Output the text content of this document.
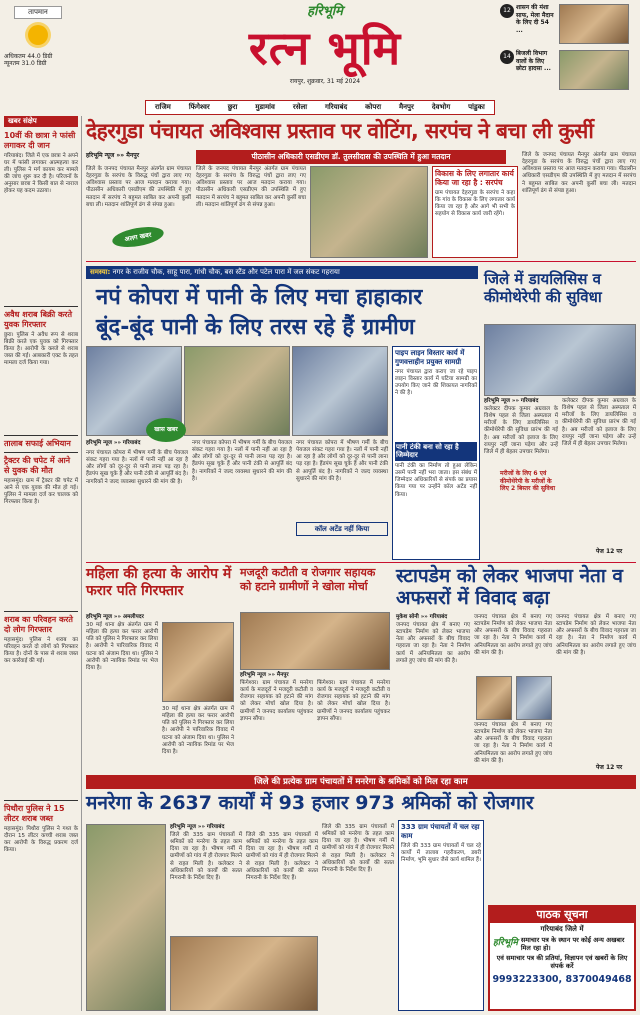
तापमान
अधिकतम 44.0 डिग्री
न्यूनतम 31.0 डिग्री
हरिभूमि
रत्न भूमि
रायपुर, शुक्रवार, 31 मई 2024
12 शासन की मंशा साफ, मेला मैदान के लिए दी 54 ...
14 बिजली विभाग वालों के लिए छोटा हादसा ...
राजिम	फिंगेश्वर	छुरा	मुडामांव	रसेला	गरियाबंद	कोपरा	मैनपुर	देवभोग	पांडुका
खबर संक्षेप
10वीं की छात्रा ने फांसी लगाकर दी जान
गरियाबंद। जिले में एक छात्रा ने अपने घर में फांसी लगाकर आत्महत्या कर ली। पुलिस ने मर्ग कायम कर मामले की जांच शुरू कर दी है। परिजनों के अनुसार छात्रा ने किसी बात से नाराज होकर यह कदम उठाया।
अवैध शराब बिक्री करते युवक गिरफ्तार
छुरा। पुलिस ने अवैध रूप से शराब बिक्री करते एक युवक को गिरफ्तार किया है। आरोपी के कब्जे से शराब जब्त की गई। आबकारी एक्ट के तहत मामला दर्ज किया गया।
तालाब सफाई अभियान
ट्रैक्टर की चपेट में आने से युवक की मौत
महासमुंद। ग्राम में ट्रैक्टर की चपेट में आने से एक युवक की मौत हो गई। पुलिस ने मामला दर्ज कर चालक को गिरफ्तार किया है।
शराब का परिवहन करते दो लोग गिरफ्तार
महासमुंद। पुलिस ने शराब का परिवहन करते दो लोगों को गिरफ्तार किया है। दोनों के पास से शराब जब्त कर कार्रवाई की गई।
पिथौरा पुलिस ने 15 लीटर शराब जब्त
महासमुंद। पिथौरा पुलिस ने गश्त के दौरान 15 लीटर कच्ची शराब जब्त कर आरोपी के विरुद्ध प्रकरण दर्ज किया।
देहरगुडा पंचायत अविश्वास प्रस्ताव पर वोटिंग, सरपंच ने बचा ली कुर्सी
पीठासीन अधिकारी एसडीएम डॉ. तुलसीदास की उपस्थिति में हुआ मतदान
हरिभूमि न्यूज »» मैनपुर
जिले के जनपद पंचायत मैनपुर अंतर्गत ग्राम पंचायत देहरगुडा के सरपंच के विरुद्ध पंचों द्वारा लाए गए अविश्वास प्रस्ताव पर आज मतदान कराया गया। पीठासीन अधिकारी एसडीएम की उपस्थिति में हुए मतदान में सरपंच ने बहुमत साबित कर अपनी कुर्सी बचा ली। मतदान शांतिपूर्ण ढंग से संपन्न हुआ।
अलग खबर
जिले के जनपद पंचायत मैनपुर अंतर्गत ग्राम पंचायत देहरगुडा के सरपंच के विरुद्ध पंचों द्वारा लाए गए अविश्वास प्रस्ताव पर आज मतदान कराया गया। पीठासीन अधिकारी एसडीएम की उपस्थिति में हुए मतदान में सरपंच ने बहुमत साबित कर अपनी कुर्सी बचा ली। मतदान शांतिपूर्ण ढंग से संपन्न हुआ।
विकास के लिए लगातार कार्य किया जा रहा है : सरपंच
ग्राम पंचायत देहरगुडा के सरपंच ने कहा कि गांव के विकास के लिए लगातार कार्य किया जा रहा है और आगे भी सभी के सहयोग से विकास कार्य जारी रहेंगे।
जिले के जनपद पंचायत मैनपुर अंतर्गत ग्राम पंचायत देहरगुडा के सरपंच के विरुद्ध पंचों द्वारा लाए गए अविश्वास प्रस्ताव पर आज मतदान कराया गया। पीठासीन अधिकारी एसडीएम की उपस्थिति में हुए मतदान में सरपंच ने बहुमत साबित कर अपनी कुर्सी बचा ली। मतदान शांतिपूर्ण ढंग से संपन्न हुआ।
समस्या: नगर के राजीव चौक, साहू पारा, गांधी चौक, बस स्टैंड और पटेल पारा में जल संकट गहराया
नपं कोपरा में पानी के लिए मचा हाहाकार
बूंद-बूंद पानी के लिए तरस रहे हैं ग्रामीण
खास खबर
हरिभूमि न्यूज »» गरियाबंद
नगर पंचायत कोपरा में भीषण गर्मी के बीच पेयजल संकट गहरा गया है। नलों में पानी नहीं आ रहा है और लोगों को दूर-दूर से पानी लाना पड़ रहा है। हैंडपंप सूख चुके हैं और पानी टंकी से आपूर्ति बंद है। नागरिकों ने जल्द व्यवस्था सुधारने की मांग की है।
नगर पंचायत कोपरा में भीषण गर्मी के बीच पेयजल संकट गहरा गया है। नलों में पानी नहीं आ रहा है और लोगों को दूर-दूर से पानी लाना पड़ रहा है। हैंडपंप सूख चुके हैं और पानी टंकी से आपूर्ति बंद है। नागरिकों ने जल्द व्यवस्था सुधारने की मांग की है।
नगर पंचायत कोपरा में भीषण गर्मी के बीच पेयजल संकट गहरा गया है। नलों में पानी नहीं आ रहा है और लोगों को दूर-दूर से पानी लाना पड़ रहा है। हैंडपंप सूख चुके हैं और पानी टंकी से आपूर्ति बंद है। नागरिकों ने जल्द व्यवस्था सुधारने की मांग की है।
कॉल अटेंड नहीं किया
पाइप लाइन विस्तार कार्य में गुणवत्ताहीन प्रयुक्त सामग्री
नगर पंचायत द्वारा कराए जा रहे पाइप लाइन विस्तार कार्य में घटिया सामग्री का उपयोग किए जाने की शिकायत नागरिकों ने की है।
पानी टंकी बना सो रहा है जिम्मेदार
पानी टंकी का निर्माण तो हुआ लेकिन उसमें पानी नहीं भरा जाता। इस संबंध में जिम्मेदार अधिकारियों से संपर्क का प्रयास किया गया पर उन्होंने कॉल अटेंड नहीं किया।
जिले में डायलिसिस व कीमोथेरेपी की सुविधा
हरिभूमि न्यूज »» गरियाबंद
कलेक्टर दीपक कुमार अग्रवाल के विशेष पहल से जिला अस्पताल में मरीजों के लिए डायलिसिस व कीमोथेरेपी की सुविधा प्रारंभ की गई है। अब मरीजों को इलाज के लिए रायपुर नहीं जाना पड़ेगा और उन्हें जिले में ही बेहतर उपचार मिलेगा।
मरीजों के लिए 6 एवं कीमोथेरेपी के मरीजों के लिए 2 बिस्तर की सुविधा
कलेक्टर दीपक कुमार अग्रवाल के विशेष पहल से जिला अस्पताल में मरीजों के लिए डायलिसिस व कीमोथेरेपी की सुविधा प्रारंभ की गई है। अब मरीजों को इलाज के लिए रायपुर नहीं जाना पड़ेगा और उन्हें जिले में ही बेहतर उपचार मिलेगा।
पेज 12 पर
महिला की हत्या के आरोप में फरार पति गिरफ्तार
हरिभूमि न्यूज »» अमलीपदर
30 मई थाना क्षेत्र अंतर्गत ग्राम में महिला की हत्या कर फरार आरोपी पति को पुलिस ने गिरफ्तार कर लिया है। आरोपी ने पारिवारिक विवाद में घटना को अंजाम दिया था। पुलिस ने आरोपी को न्यायिक रिमांड पर भेज दिया है।
30 मई थाना क्षेत्र अंतर्गत ग्राम में महिला की हत्या कर फरार आरोपी पति को पुलिस ने गिरफ्तार कर लिया है। आरोपी ने पारिवारिक विवाद में घटना को अंजाम दिया था। पुलिस ने आरोपी को न्यायिक रिमांड पर भेज दिया है।
मजदूरी कटौती व रोजगार सहायक को हटाने ग्रामीणों ने खोला मोर्चा
हरिभूमि न्यूज »» मैनपुर
फिंगेश्वर। ग्राम पंचायत में मनरेगा कार्य के मजदूरों ने मजदूरी कटौती व रोजगार सहायक को हटाने की मांग को लेकर मोर्चा खोल दिया है। ग्रामीणों ने जनपद कार्यालय पहुंचकर ज्ञापन सौंपा।
फिंगेश्वर। ग्राम पंचायत में मनरेगा कार्य के मजदूरों ने मजदूरी कटौती व रोजगार सहायक को हटाने की मांग को लेकर मोर्चा खोल दिया है। ग्रामीणों ने जनपद कार्यालय पहुंचकर ज्ञापन सौंपा।
स्टापडेम को लेकर भाजपा नेता व अफसरों में विवाद बढ़ा
मुकेश सोनी »» गरियाबंद
जनपद पंचायत क्षेत्र में बनाए गए स्टापडेम निर्माण को लेकर भाजपा नेता और अफसरों के बीच विवाद गहराता जा रहा है। नेता ने निर्माण कार्य में अनियमितता का आरोप लगाते हुए जांच की मांग की है।
जनपद पंचायत क्षेत्र में बनाए गए स्टापडेम निर्माण को लेकर भाजपा नेता और अफसरों के बीच विवाद गहराता जा रहा है। नेता ने निर्माण कार्य में अनियमितता का आरोप लगाते हुए जांच की मांग की है।
जनपद पंचायत क्षेत्र में बनाए गए स्टापडेम निर्माण को लेकर भाजपा नेता और अफसरों के बीच विवाद गहराता जा रहा है। नेता ने निर्माण कार्य में अनियमितता का आरोप लगाते हुए जांच की मांग की है।
जनपद पंचायत क्षेत्र में बनाए गए स्टापडेम निर्माण को लेकर भाजपा नेता और अफसरों के बीच विवाद गहराता जा रहा है। नेता ने निर्माण कार्य में अनियमितता का आरोप लगाते हुए जांच की मांग की है।
पेज 12 पर
जिले की प्रत्येक ग्राम पंचायतों में मनरेगा के श्रमिकों को मिल रहा काम
मनरेगा के 2637 कार्यों में 93 हजार 973 श्रमिकों को रोजगार
हरिभूमि न्यूज »» गरियाबंद
जिले की 335 ग्राम पंचायतों में श्रमिकों को मनरेगा के तहत काम दिया जा रहा है। भीषण गर्मी में ग्रामीणों को गांव में ही रोजगार मिलने से राहत मिली है। कलेक्टर ने अधिकारियों को कार्यों की सतत निगरानी के निर्देश दिए हैं।
जिले की 335 ग्राम पंचायतों में श्रमिकों को मनरेगा के तहत काम दिया जा रहा है। भीषण गर्मी में ग्रामीणों को गांव में ही रोजगार मिलने से राहत मिली है। कलेक्टर ने अधिकारियों को कार्यों की सतत निगरानी के निर्देश दिए हैं।
जिले की 335 ग्राम पंचायतों में श्रमिकों को मनरेगा के तहत काम दिया जा रहा है। भीषण गर्मी में ग्रामीणों को गांव में ही रोजगार मिलने से राहत मिली है। कलेक्टर ने अधिकारियों को कार्यों की सतत निगरानी के निर्देश दिए हैं।
333 ग्राम पंचायतों में चल रहा काम
जिले की 333 ग्राम पंचायतों में चल रहे कार्यों में तालाब गहरीकरण, डबरी निर्माण, भूमि सुधार जैसे कार्य शामिल हैं।
पाठक सूचना
गरियाबंद जिले में
हरिभूमि समाचार पत्र के स्थान पर कोई अन्य अखबार मिल रहा हो।
एवं समाचार पत्र की प्रतियां, विज्ञापन एवं खबरों के लिए संपर्क करें
9993223300, 8370049468
